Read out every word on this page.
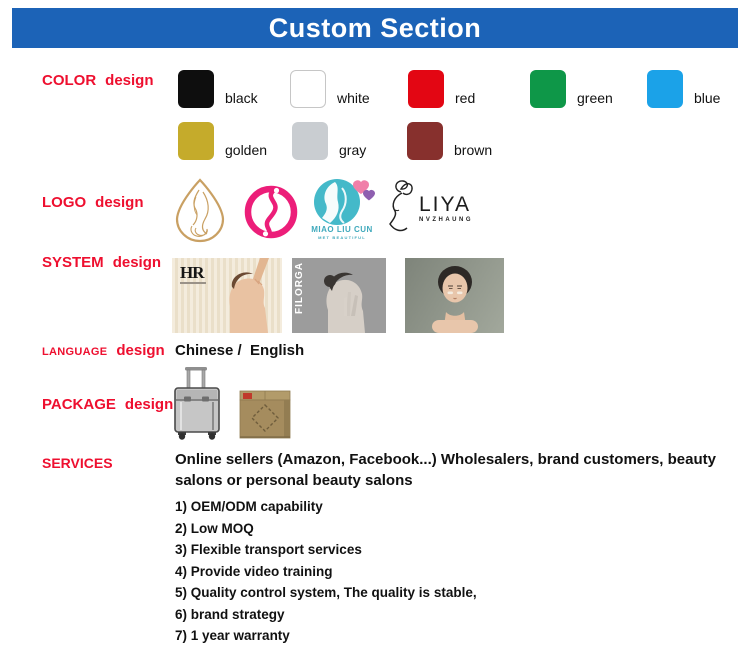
Custom Section
COLOR design
LOGO design
SYSTEM design
LANGUAGE design
PACKAGE design
SERVICES
black	white	red	green	blue
golden	gray	brown
MIAO LIU CUN
MET BEAUTIFUL
LIYA
NVZHAUNG
HR	FILORGA
Chinese /  English
Online sellers (Amazon, Facebook...) Wholesalers, brand customers, beauty salons or personal beauty salons
1) OEM/ODM capability
2) Low MOQ
3) Flexible transport services
4) Provide video training
5) Quality control system, The quality is stable,
6) brand strategy
7) 1 year warranty
